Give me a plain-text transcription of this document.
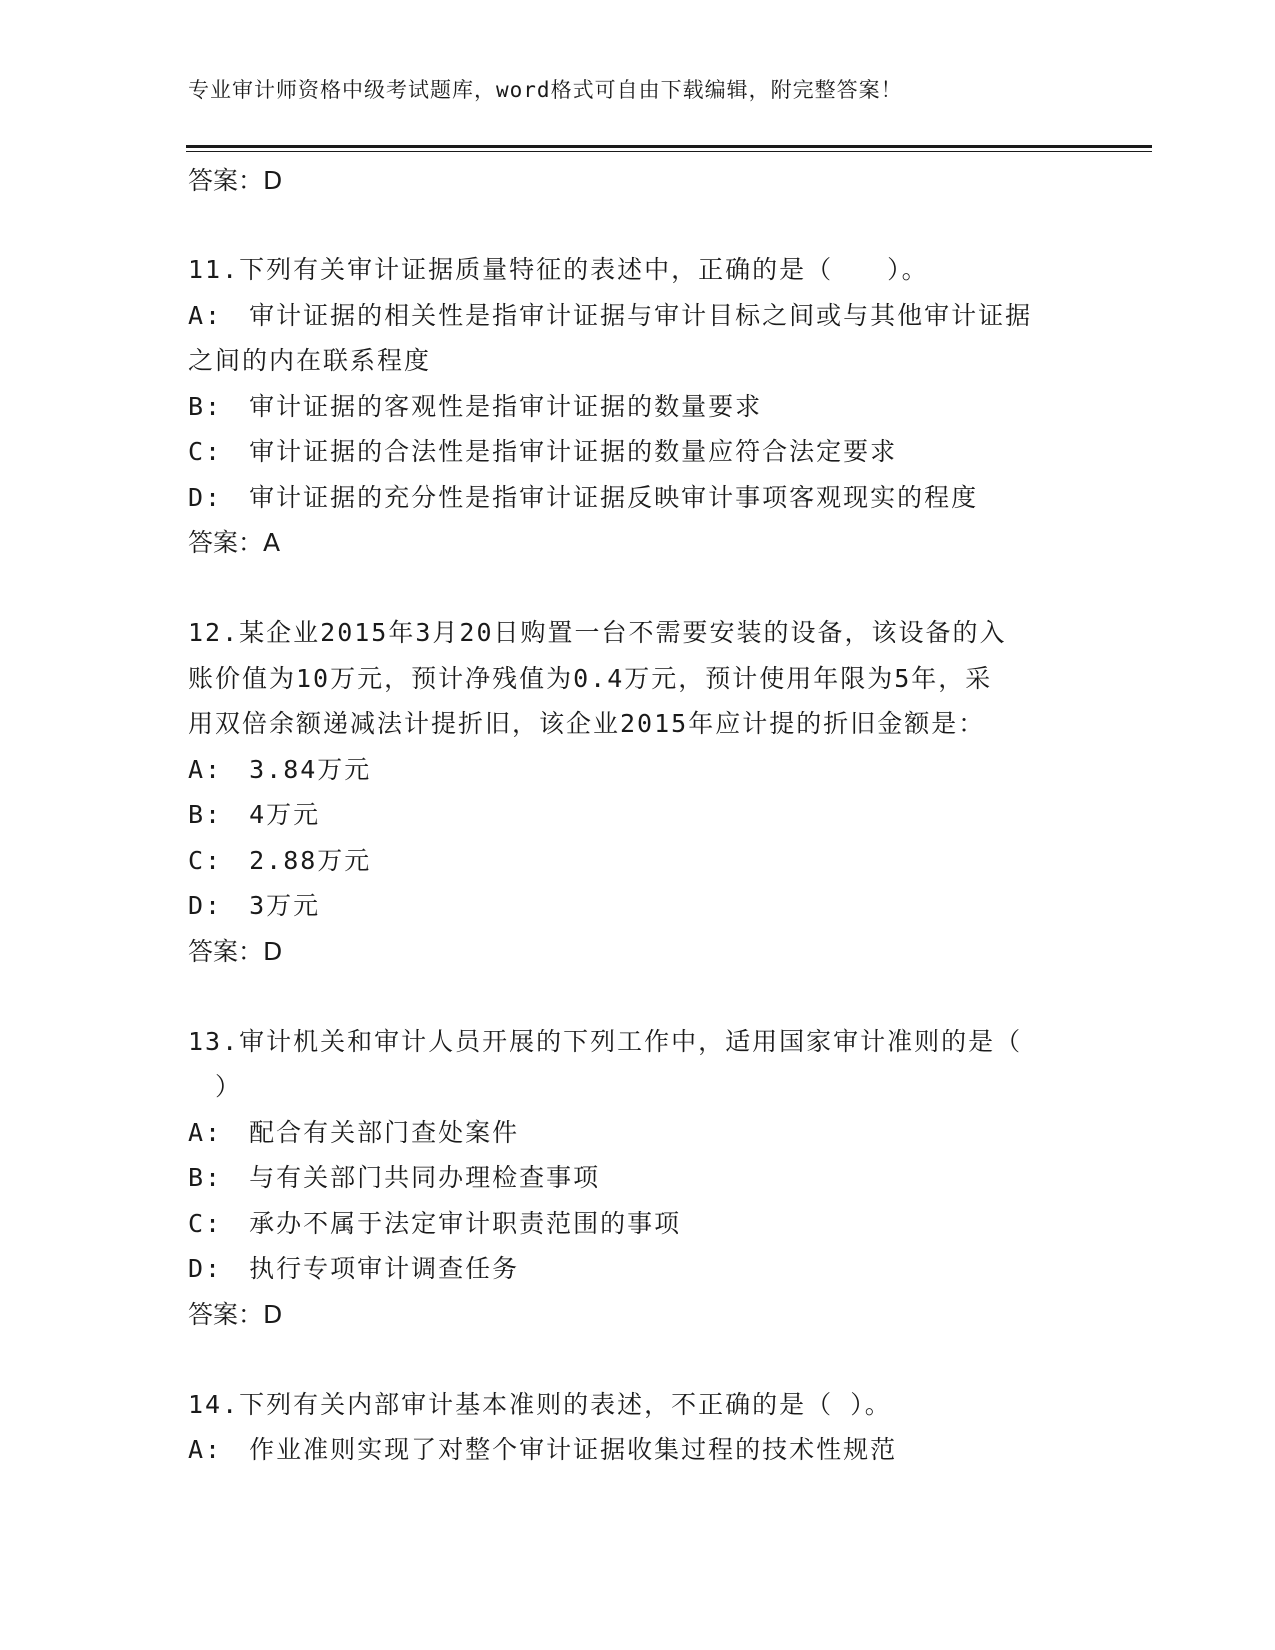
专业审计师资格中级考试题库，word格式可自由下载编辑，附完整答案！
答案：D
11.下列有关审计证据质量特征的表述中，正确的是（　　）。
A:　审计证据的相关性是指审计证据与审计目标之间或与其他审计证据
之间的内在联系程度
B:　审计证据的客观性是指审计证据的数量要求
C:　审计证据的合法性是指审计证据的数量应符合法定要求
D:　审计证据的充分性是指审计证据反映审计事项客观现实的程度
答案：A
12.某企业2015年3月20日购置一台不需要安装的设备，该设备的入
账价值为10万元，预计净残值为0.4万元，预计使用年限为5年，采
用双倍余额递减法计提折旧，该企业2015年应计提的折旧金额是：
A:　3.84万元
B:　4万元
C:　2.88万元
D:　3万元
答案：D
13.审计机关和审计人员开展的下列工作中，适用国家审计准则的是（
　）
A:　配合有关部门查处案件
B:　与有关部门共同办理检查事项
C:　承办不属于法定审计职责范围的事项
D:　执行专项审计调查任务
答案：D
14.下列有关内部审计基本准则的表述，不正确的是（ ）。
A:　作业准则实现了对整个审计证据收集过程的技术性规范
